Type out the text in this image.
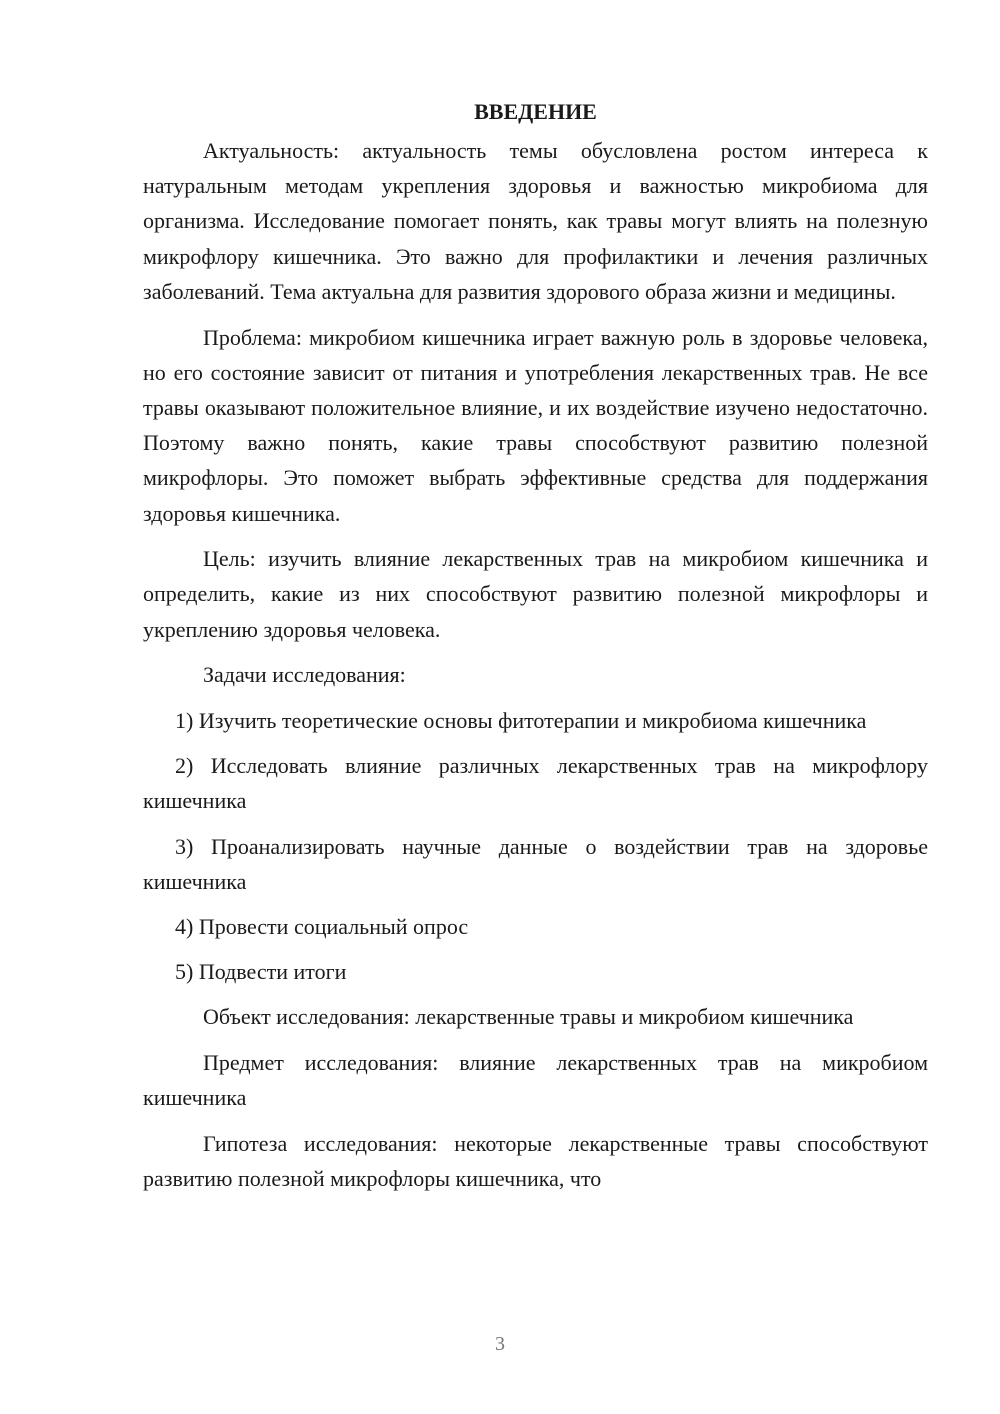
ВВЕДЕНИЕ

Актуальность: актуальность темы обусловлена ростом интереса к натуральным методам укрепления здоровья и важностью микробиома для организма. Исследование помогает понять, как травы могут влиять на полезную микрофлору кишечника. Это важно для профилактики и лечения различных заболеваний. Тема актуальна для развития здорового образа жизни и медицины.

Проблема: микробиом кишечника играет важную роль в здоровье человека, но его состояние зависит от питания и употребления лекарственных трав. Не все травы оказывают положительное влияние, и их воздействие изучено недостаточно. Поэтому важно понять, какие травы способствуют развитию полезной микрофлоры. Это поможет выбрать эффективные средства для поддержания здоровья кишечника.

Цель: изучить влияние лекарственных трав на микробиом кишечника и определить, какие из них способствуют развитию полезной микрофлоры и укреплению здоровья человека.

Задачи исследования:

1) Изучить теоретические основы фитотерапии и микробиома кишечника

2) Исследовать влияние различных лекарственных трав на микрофлору кишечника

3) Проанализировать научные данные о воздействии трав на здоровье кишечника

4) Провести социальный опрос

5) Подвести итоги

Объект исследования: лекарственные травы и микробиом кишечника

Предмет исследования: влияние лекарственных трав на микробиом кишечника

Гипотеза исследования: некоторые лекарственные травы способствуют развитию полезной микрофлоры кишечника, что

3
